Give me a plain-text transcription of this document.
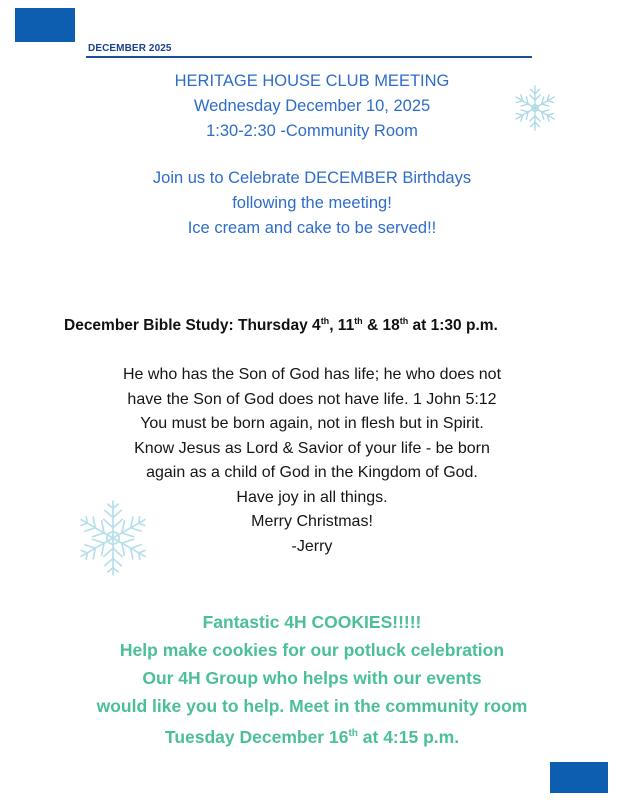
DECEMBER 2025
HERITAGE HOUSE CLUB MEETING
Wednesday December 10, 2025
1:30-2:30 -Community Room
Join us to Celebrate DECEMBER Birthdays
following the meeting!
Ice cream and cake to be served!!
December Bible Study: Thursday 4th, 11th & 18th at 1:30 p.m.
He who has the Son of God has life; he who does not
have the Son of God does not have life. 1 John 5:12
You must be born again, not in flesh but in Spirit.
Know Jesus as Lord & Savior of your life - be born
again as a child of God in the Kingdom of God.
Have joy in all things.
Merry Christmas!
-Jerry
Fantastic 4H COOKIES!!!!!
Help make cookies for our potluck celebration
Our 4H Group who helps with our events
would like you to help. Meet in the community room
Tuesday December 16th at 4:15 p.m.
